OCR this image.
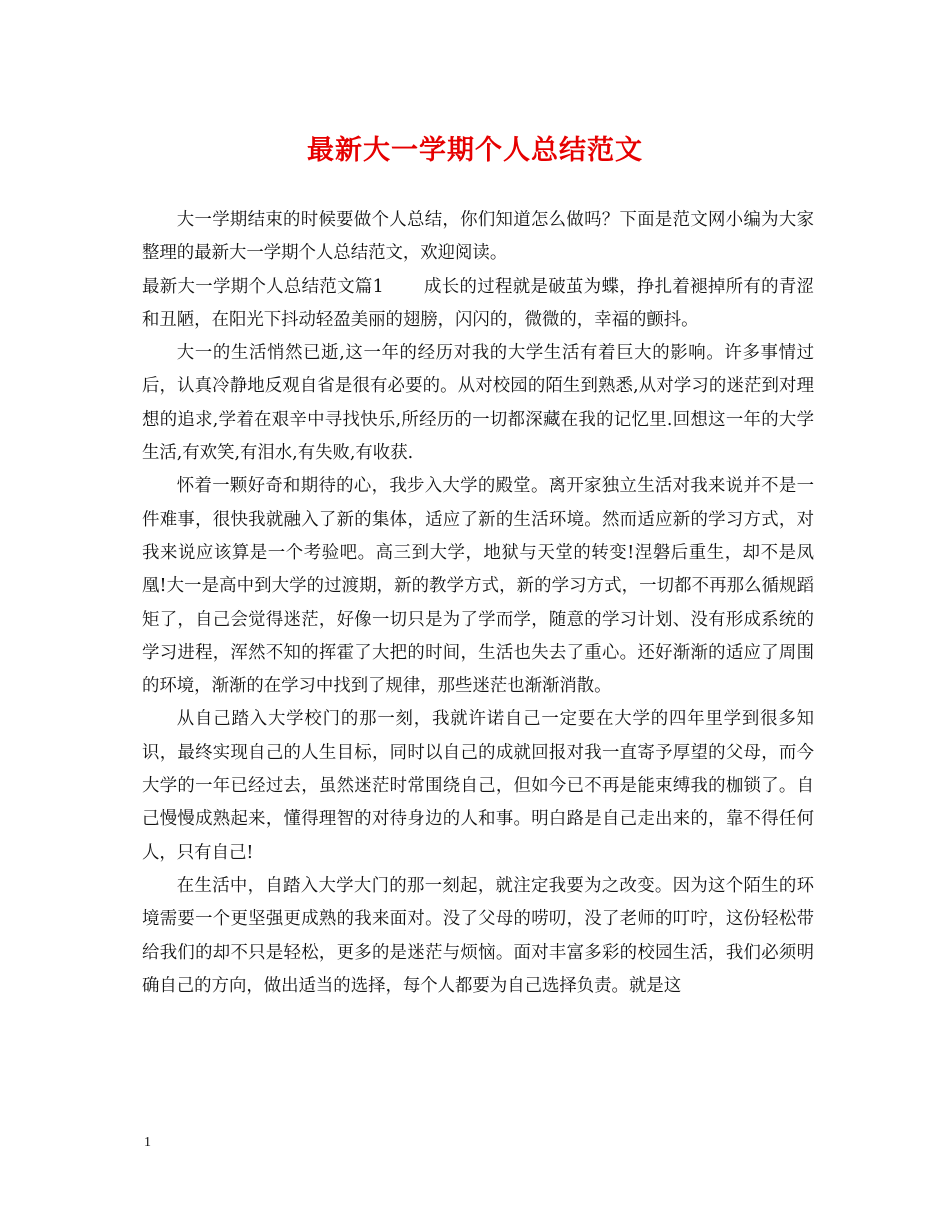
最新大一学期个人总结范文

大一学期结束的时候要做个人总结，你们知道怎么做吗？下面是范文网小编为大家整理的最新大一学期个人总结范文，欢迎阅读。

最新大一学期个人总结范文篇1 成长的过程就是破茧为蝶，挣扎着褪掉所有的青涩和丑陋，在阳光下抖动轻盈美丽的翅膀，闪闪的，微微的，幸福的颤抖。

大一的生活悄然已逝,这一年的经历对我的大学生活有着巨大的影响。许多事情过后，认真冷静地反观自省是很有必要的。从对校园的陌生到熟悉,从对学习的迷茫到对理想的追求,学着在艰辛中寻找快乐,所经历的一切都深藏在我的记忆里.回想这一年的大学生活,有欢笑,有泪水,有失败,有收获.

怀着一颗好奇和期待的心，我步入大学的殿堂。离开家独立生活对我来说并不是一件难事，很快我就融入了新的集体，适应了新的生活环境。然而适应新的学习方式，对我来说应该算是一个考验吧。高三到大学，地狱与天堂的转变!涅磐后重生，却不是凤凰!大一是高中到大学的过渡期，新的教学方式，新的学习方式，一切都不再那么循规蹈矩了，自己会觉得迷茫，好像一切只是为了学而学，随意的学习计划、没有形成系统的学习进程，浑然不知的挥霍了大把的时间，生活也失去了重心。还好渐渐的适应了周围的环境，渐渐的在学习中找到了规律，那些迷茫也渐渐消散。

从自己踏入大学校门的那一刻，我就许诺自己一定要在大学的四年里学到很多知识，最终实现自己的人生目标，同时以自己的成就回报对我一直寄予厚望的父母，而今大学的一年已经过去，虽然迷茫时常围绕自己，但如今已不再是能束缚我的枷锁了。自己慢慢成熟起来，懂得理智的对待身边的人和事。明白路是自己走出来的，靠不得任何人，只有自己!

在生活中，自踏入大学大门的那一刻起，就注定我要为之改变。因为这个陌生的环境需要一个更坚强更成熟的我来面对。没了父母的唠叨，没了老师的叮咛，这份轻松带给我们的却不只是轻松，更多的是迷茫与烦恼。面对丰富多彩的校园生活，我们必须明确自己的方向，做出适当的选择，每个人都要为自己选择负责。就是这

1
